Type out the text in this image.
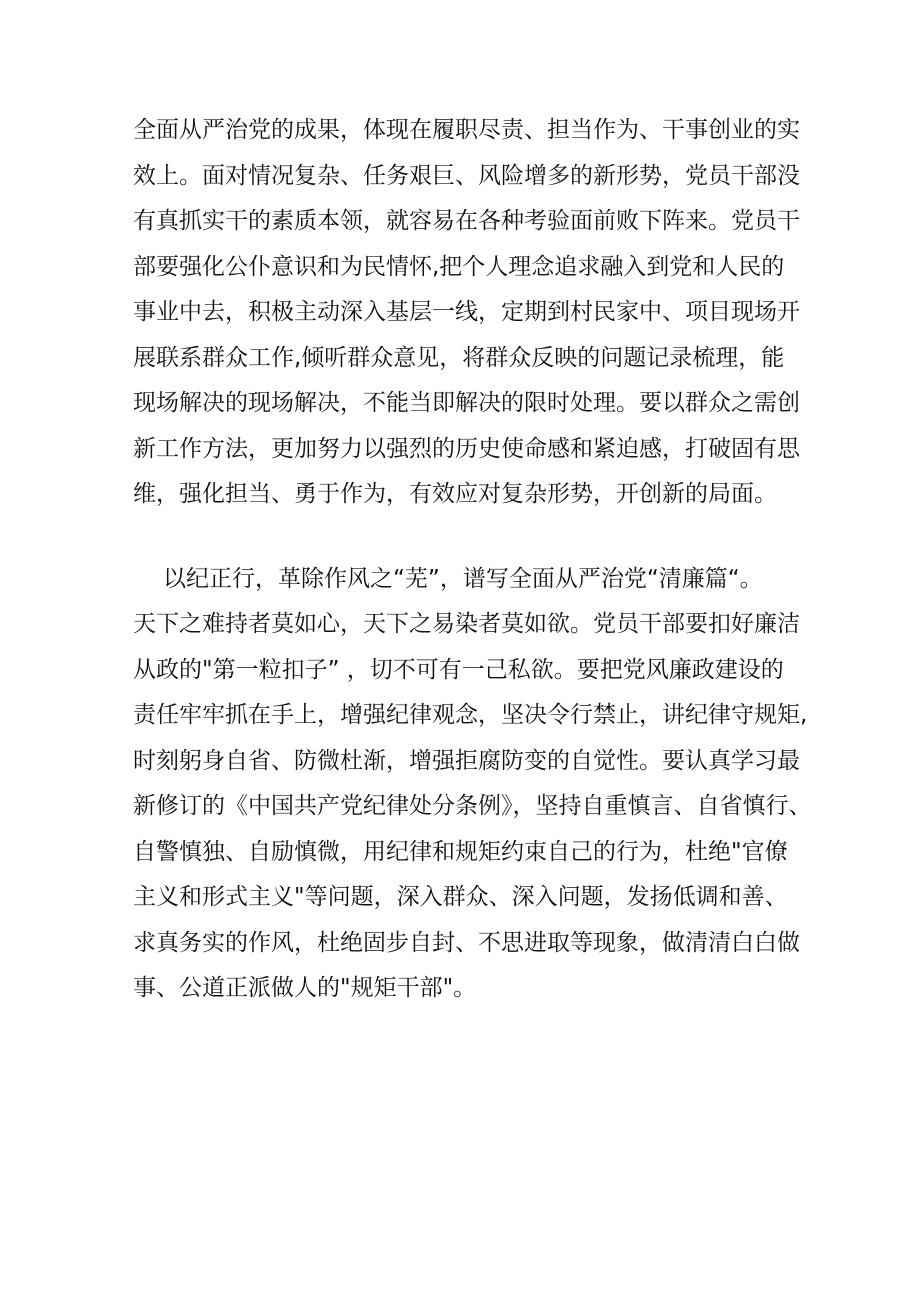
全面从严治党的成果，体现在履职尽责、担当作为、干事创业的实
效上。面对情况复杂、任务艰巨、风险增多的新形势，党员干部没
有真抓实干的素质本领，就容易在各种考验面前败下阵来。党员干
部要强化公仆意识和为民情怀,把个人理念追求融入到党和人民的
事业中去，积极主动深入基层一线，定期到村民家中、项目现场开
展联系群众工作,倾听群众意见，将群众反映的问题记录梳理，能
现场解决的现场解决，不能当即解决的限时处理。要以群众之需创
新工作方法，更加努力以强烈的历史使命感和紧迫感，打破固有思
维，强化担当、勇于作为，有效应对复杂形势，开创新的局面。
以纪正行，革除作风之“芜”，谱写全面从严治党“清廉篇“。
天下之难持者莫如心，天下之易染者莫如欲。党员干部要扣好廉洁
从政的"第一粒扣子” ，切不可有一己私欲。要把党风廉政建设的
责任牢牢抓在手上，增强纪律观念，坚决令行禁止，讲纪律守规矩,
时刻躬身自省、防微杜渐，增强拒腐防变的自觉性。要认真学习最
新修订的《中国共产党纪律处分条例》，坚持自重慎言、自省慎行、
自警慎独、自励慎微，用纪律和规矩约束自己的行为，杜绝"官僚
主义和形式主义"等问题，深入群众、深入问题，发扬低调和善、
求真务实的作风，杜绝固步自封、不思进取等现象，做清清白白做
事、公道正派做人的"规矩干部"。
